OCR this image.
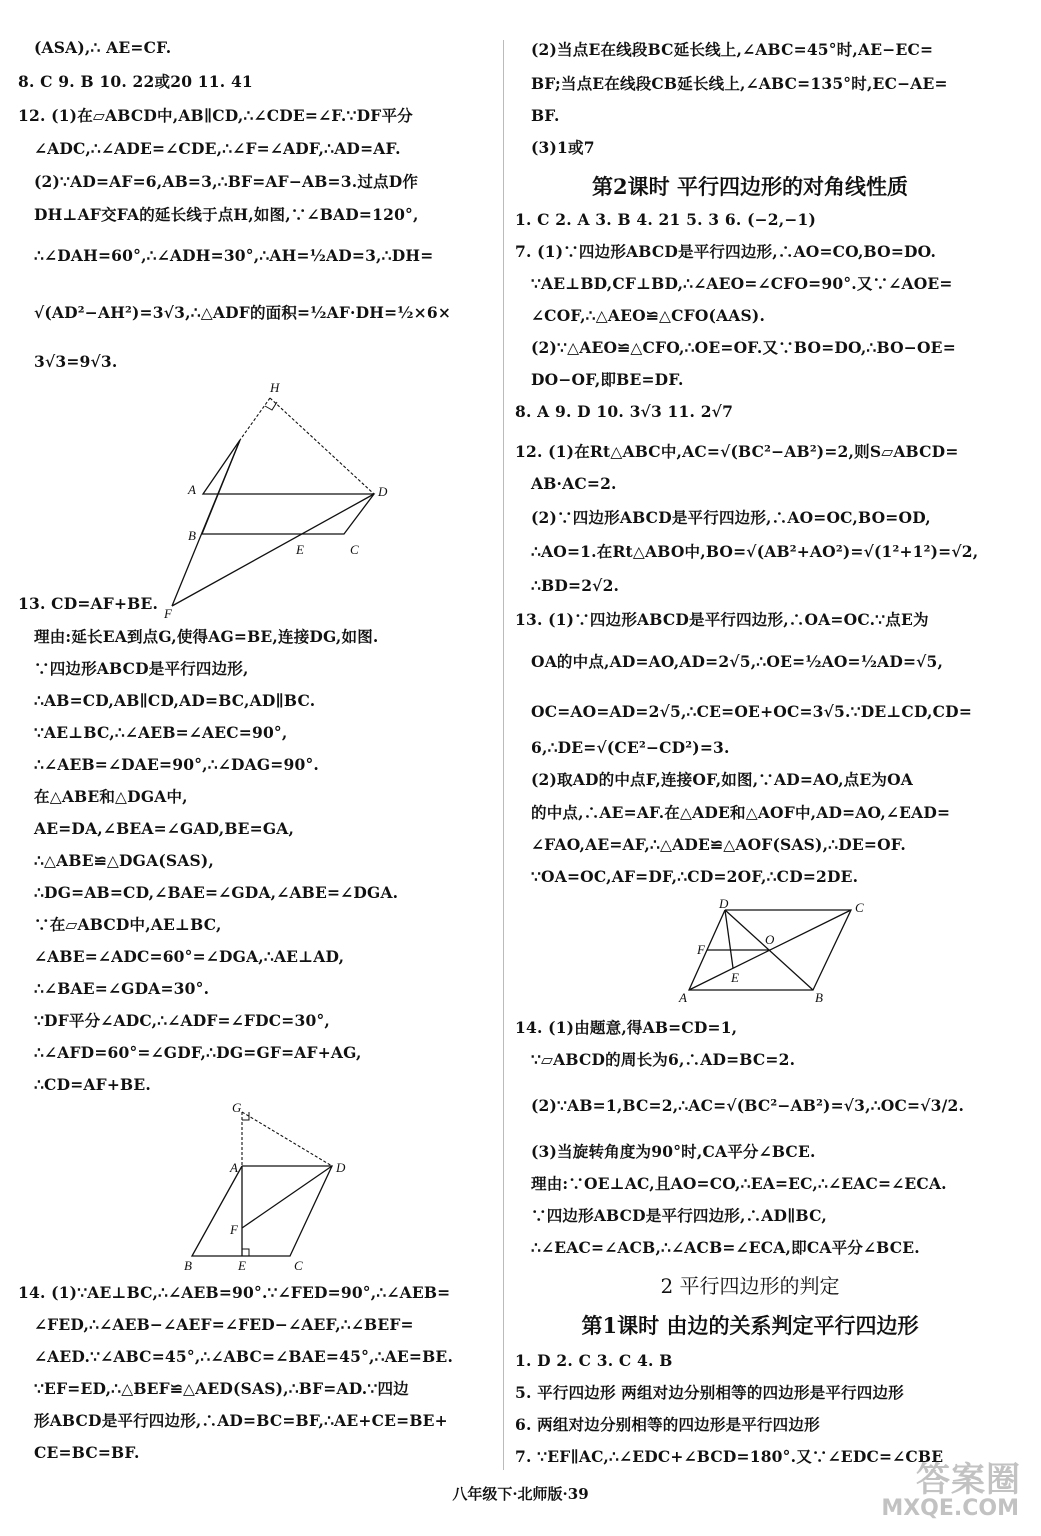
(ASA),∴ AE=CF.
8. C 9. B 10. 22或20 11. 41
12. (1)在▱ABCD中,AB∥CD,∴∠CDE=∠F.∵DF平分
∠ADC,∴∠ADE=∠CDE,∴∠F=∠ADF,∴AD=AF.
(2)∵AD=AF=6,AB=3,∴BF=AF−AB=3.过点D作
DH⊥AF交FA的延长线于点H,如图,∵∠BAD=120°,
∴∠DAH=60°,∴∠ADH=30°,∴AH=½AD=3,∴DH=
√(AD²−AH²)=3√3,∴△ADF的面积=½AF·DH=½×6×
3√3=9√3.
H
A	D
B
E	C
F
13. CD=AF+BE.
理由:延长EA到点G,使得AG=BE,连接DG,如图.
∵四边形ABCD是平行四边形,
∴AB=CD,AB∥CD,AD=BC,AD∥BC.
∵AE⊥BC,∴∠AEB=∠AEC=90°,
∴∠AEB=∠DAE=90°,∴∠DAG=90°.
在△ABE和△DGA中,
AE=DA,∠BEA=∠GAD,BE=GA,
∴△ABE≌△DGA(SAS),
∴DG=AB=CD,∠BAE=∠GDA,∠ABE=∠DGA.
∵在▱ABCD中,AE⊥BC,
∠ABE=∠ADC=60°=∠DGA,∴AE⊥AD,
∴∠BAE=∠GDA=30°.
∵DF平分∠ADC,∴∠ADF=∠FDC=30°,
∴∠AFD=60°=∠GDF,∴DG=GF=AF+AG,
∴CD=AF+BE.
G
A	D
F
B	E	C
14. (1)∵AE⊥BC,∴∠AEB=90°.∵∠FED=90°,∴∠AEB=
∠FED,∴∠AEB−∠AEF=∠FED−∠AEF,∴∠BEF=
∠AED.∵∠ABC=45°,∴∠ABC=∠BAE=45°,∴AE=BE.
∵EF=ED,∴△BEF≌△AED(SAS),∴BF=AD.∵四边
形ABCD是平行四边形,∴AD=BC=BF,∴AE+CE=BE+
CE=BC=BF.
(2)当点E在线段BC延长线上,∠ABC=45°时,AE−EC=
BF;当点E在线段CB延长线上,∠ABC=135°时,EC−AE=
BF.
(3)1或7
第2课时 平行四边形的对角线性质
1. C 2. A 3. B 4. 21 5. 3 6. (−2,−1)
7. (1)∵四边形ABCD是平行四边形,∴AO=CO,BO=DO.
∵AE⊥BD,CF⊥BD,∴∠AEO=∠CFO=90°.又∵∠AOE=
∠COF,∴△AEO≌△CFO(AAS).
(2)∵△AEO≌△CFO,∴OE=OF.又∵BO=DO,∴BO−OE=
DO−OF,即BE=DF.
8. A 9. D 10. 3√3 11. 2√7
12. (1)在Rt△ABC中,AC=√(BC²−AB²)=2,则S▱ABCD=
AB·AC=2.
(2)∵四边形ABCD是平行四边形,∴AO=OC,BO=OD,
∴AO=1.在Rt△ABO中,BO=√(AB²+AO²)=√(1²+1²)=√2,
∴BD=2√2.
13. (1)∵四边形ABCD是平行四边形,∴OA=OC.∵点E为
OA的中点,AD=AO,AD=2√5,∴OE=½AO=½AD=√5,
OC=AO=AD=2√5,∴CE=OE+OC=3√5.∵DE⊥CD,CD=
6,∴DE=√(CE²−CD²)=3.
(2)取AD的中点F,连接OF,如图,∵AD=AO,点E为OA
的中点,∴AE=AF.在△ADE和△AOF中,AD=AO,∠EAD=
∠FAO,AE=AF,∴△ADE≌△AOF(SAS),∴DE=OF.
∵OA=OC,AF=DF,∴CD=2OF,∴CD=2DE.
D	C
O
F
E
A	B
14. (1)由题意,得AB=CD=1,
∵▱ABCD的周长为6,∴AD=BC=2.
(2)∵AB=1,BC=2,∴AC=√(BC²−AB²)=√3,∴OC=√3/2.
(3)当旋转角度为90°时,CA平分∠BCE.
理由:∵OE⊥AC,且AO=CO,∴EA=EC,∴∠EAC=∠ECA.
∵四边形ABCD是平行四边形,∴AD∥BC,
∴∠EAC=∠ACB,∴∠ACB=∠ECA,即CA平分∠BCE.
2 平行四边形的判定
第1课时 由边的关系判定平行四边形
1. D 2. C 3. C 4. B
5. 平行四边形 两组对边分别相等的四边形是平行四边形
6. 两组对边分别相等的四边形是平行四边形
7. ∵EF∥AC,∴∠EDC+∠BCD=180°.又∵∠EDC=∠CBE
八年级下·北师版·39	答案圈
MXQE.COM
